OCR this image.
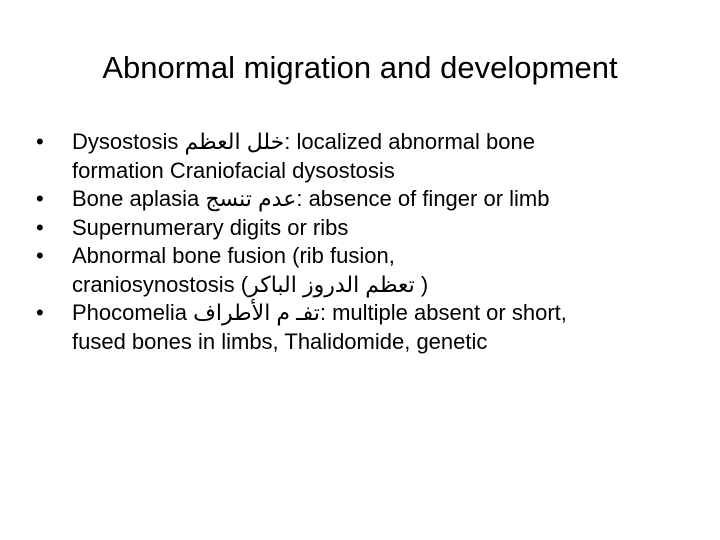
Abnormal migration and development
•	Dysostosis خلل العظم: localized abnormal bone
formation Craniofacial dysostosis
•	Bone aplasia عدم تنسج: absence of finger or limb
•	Supernumerary digits or ribs
•	Abnormal bone fusion (rib fusion,
craniosynostosis (تعظم الدروز الباكر )
•	Phocomelia تفـ م الأطراف: multiple absent or short,
fused bones in limbs, Thalidomide, genetic
